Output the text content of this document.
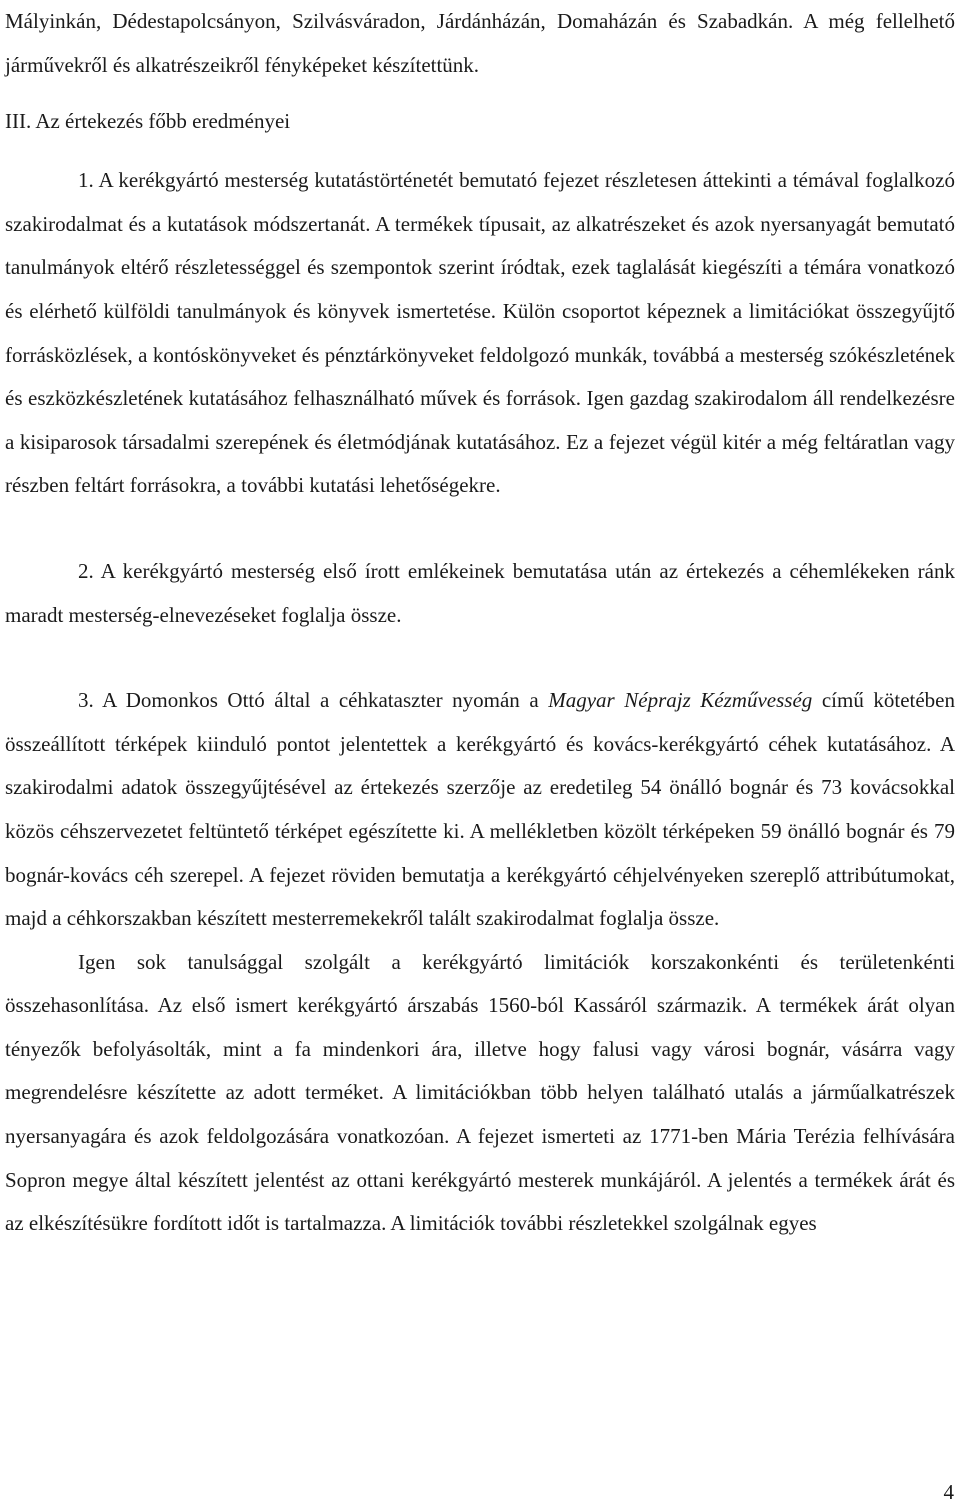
Mályinkán, Dédestapolcsányon, Szilvásváradon, Járdánházán, Domaházán és Szabadkán. A még fellelhető járművekről és alkatrészeikről fényképeket készítettünk.

III. Az értekezés főbb eredményei

1. A kerékgyártó mesterség kutatástörténetét bemutató fejezet részletesen áttekinti a témával foglalkozó szakirodalmat és a kutatások módszertanát. A termékek típusait, az alkatrészeket és azok nyersanyagát bemutató tanulmányok eltérő részletességgel és szempontok szerint íródtak, ezek taglalását kiegészíti a témára vonatkozó és elérhető külföldi tanulmányok és könyvek ismertetése. Külön csoportot képeznek a limitációkat összegyűjtő forrásközlések, a kontóskönyveket és pénztárkönyveket feldolgozó munkák, továbbá a mesterség szókészletének és eszközkészletének kutatásához felhasználható művek és források. Igen gazdag szakirodalom áll rendelkezésre a kisiparosok társadalmi szerepének és életmódjának kutatásához. Ez a fejezet végül kitér a még feltáratlan vagy részben feltárt forrásokra, a további kutatási lehetőségekre.

2. A kerékgyártó mesterség első írott emlékeinek bemutatása után az értekezés a céhemlékeken ránk maradt mesterség-elnevezéseket foglalja össze.

3. A Domonkos Ottó által a céhkataszter nyomán a Magyar Néprajz Kézművesség című kötetében összeállított térképek kiinduló pontot jelentettek a kerékgyártó és kovács-kerékgyártó céhek kutatásához. A szakirodalmi adatok összegyűjtésével az értekezés szerzője az eredetileg 54 önálló bognár és 73 kovácsokkal közös céhszervezetet feltüntető térképet egészítette ki. A mellékletben közölt térképeken 59 önálló bognár és 79 bognár-kovács céh szerepel. A fejezet röviden bemutatja a kerékgyártó céhjelvényeken szereplő attribútumokat, majd a céhkorszakban készített mesterremekekről talált szakirodalmat foglalja össze.

Igen sok tanulsággal szolgált a kerékgyártó limitációk korszakonkénti és területenkénti összehasonlítása. Az első ismert kerékgyártó árszabás 1560-ból Kassáról származik. A termékek árát olyan tényezők befolyásolták, mint a fa mindenkori ára, illetve hogy falusi vagy városi bognár, vásárra vagy megrendelésre készítette az adott terméket. A limitációkban több helyen található utalás a járműalkatrészek nyersanyagára és azok feldolgozására vonatkozóan. A fejezet ismerteti az 1771-ben Mária Terézia felhívására Sopron megye által készített jelentést az ottani kerékgyártó mesterek munkájáról. A jelentés a termékek árát és az elkészítésükre fordított időt is tartalmazza. A limitációk további részletekkel szolgálnak egyes

4
